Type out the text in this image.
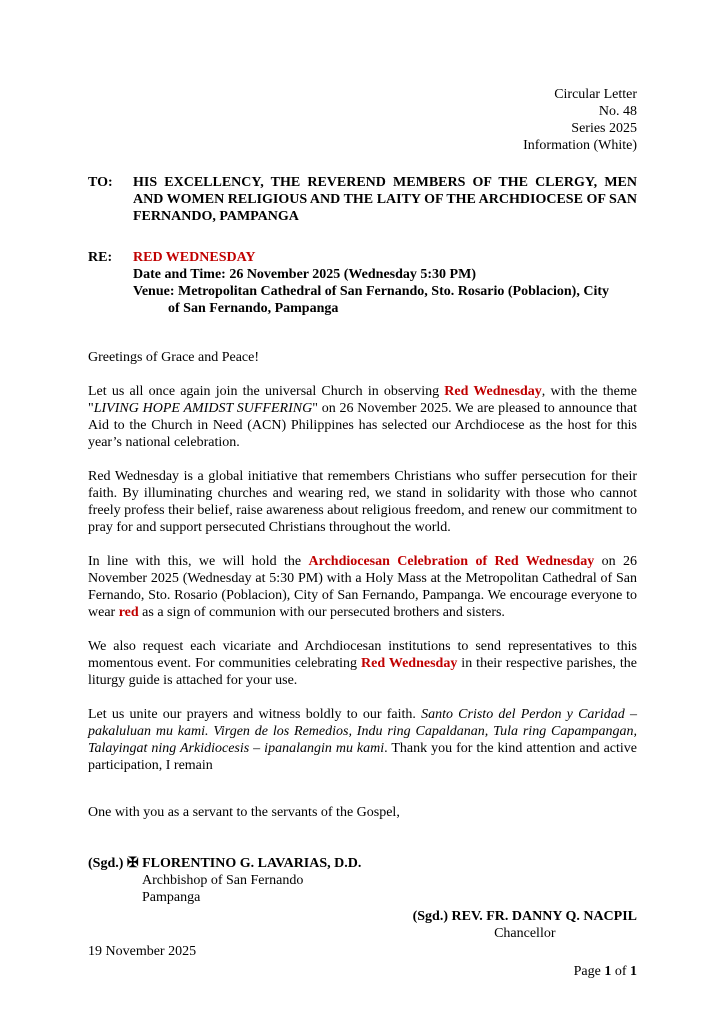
Circular Letter
No. 48
Series 2025
Information (White)
TO:	HIS EXCELLENCY, THE REVEREND MEMBERS OF THE CLERGY, MEN AND WOMEN RELIGIOUS AND THE LAITY OF THE ARCHDIOCESE OF SAN FERNANDO, PAMPANGA
RE:	RED WEDNESDAY
Date and Time: 26 November 2025 (Wednesday 5:30 PM)
Venue: Metropolitan Cathedral of San Fernando, Sto. Rosario (Poblacion), City
of San Fernando, Pampanga

Greetings of Grace and Peace!

Let us all once again join the universal Church in observing Red Wednesday, with the theme "LIVING HOPE AMIDST SUFFERING" on 26 November 2025. We are pleased to announce that Aid to the Church in Need (ACN) Philippines has selected our Archdiocese as the host for this year’s national celebration.

Red Wednesday is a global initiative that remembers Christians who suffer persecution for their faith. By illuminating churches and wearing red, we stand in solidarity with those who cannot freely profess their belief, raise awareness about religious freedom, and renew our commitment to pray for and support persecuted Christians throughout the world.

In line with this, we will hold the Archdiocesan Celebration of Red Wednesday on 26 November 2025 (Wednesday at 5:30 PM) with a Holy Mass at the Metropolitan Cathedral of San Fernando, Sto. Rosario (Poblacion), City of San Fernando, Pampanga. We encourage everyone to wear red as a sign of communion with our persecuted brothers and sisters.

We also request each vicariate and Archdiocesan institutions to send representatives to this momentous event. For communities celebrating Red Wednesday in their respective parishes, the liturgy guide is attached for your use.

Let us unite our prayers and witness boldly to our faith. Santo Cristo del Perdon y Caridad – pakaluluan mu kami. Virgen de los Remedios, Indu ring Capaldanan, Tula ring Capampangan, Talayingat ning Arkidiocesis – ipanalangin mu kami. Thank you for the kind attention and active participation, I remain

One with you as a servant to the servants of the Gospel,

(Sgd.) ✠ FLORENTINO G. LAVARIAS, D.D.
Archbishop of San Fernando
Pampanga
(Sgd.) REV. FR. DANNY Q. NACPIL
Chancellor
19 November 2025
Page 1 of 1
